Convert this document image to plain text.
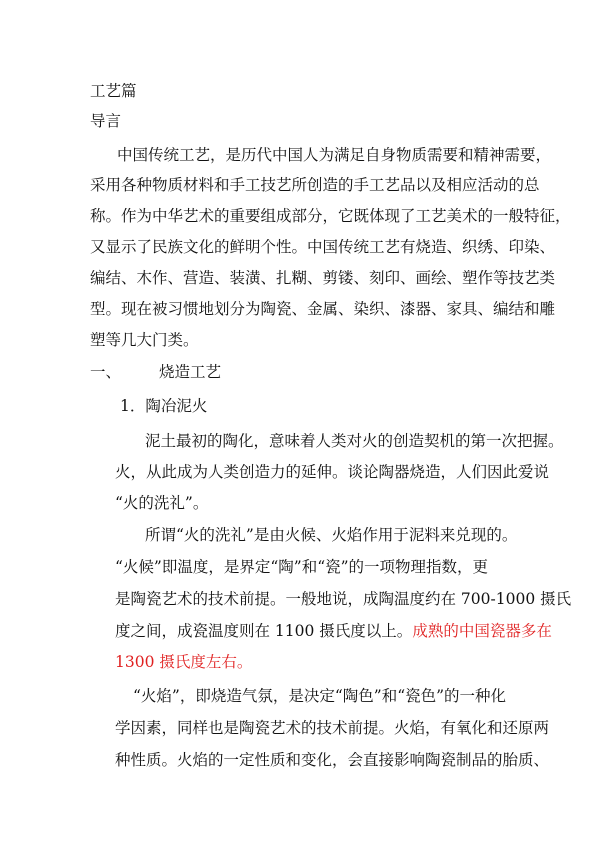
工艺篇
导言
中国传统工艺，是历代中国人为满足自身物质需要和精神需要，
采用各种物质材料和手工技艺所创造的手工艺品以及相应活动的总
称。作为中华艺术的重要组成部分，它既体现了工艺美术的一般特征，
又显示了民族文化的鲜明个性。中国传统工艺有烧造、织绣、印染、
编结、木作、营造、装潢、扎糊、剪镂、刻印、画绘、塑作等技艺类
型。现在被习惯地划分为陶瓷、金属、染织、漆器、家具、编结和雕
塑等几大门类。
一、 烧造工艺
1．陶冶泥火
泥土最初的陶化，意味着人类对火的创造契机的第一次把握。
火，从此成为人类创造力的延伸。谈论陶器烧造，人们因此爱说
“火的洗礼”。
所谓“火的洗礼”是由火候、火焰作用于泥料来兑现的。
“火候”即温度，是界定“陶”和“瓷”的一项物理指数，更
是陶瓷艺术的技术前提。一般地说，成陶温度约在 700-1000 摄氏
度之间，成瓷温度则在 1100 摄氏度以上。成熟的中国瓷器多在
1300 摄氏度左右。
“火焰”，即烧造气氛，是决定“陶色”和“瓷色”的一种化
学因素，同样也是陶瓷艺术的技术前提。火焰，有氧化和还原两
种性质。火焰的一定性质和变化，会直接影响陶瓷制品的胎质、
